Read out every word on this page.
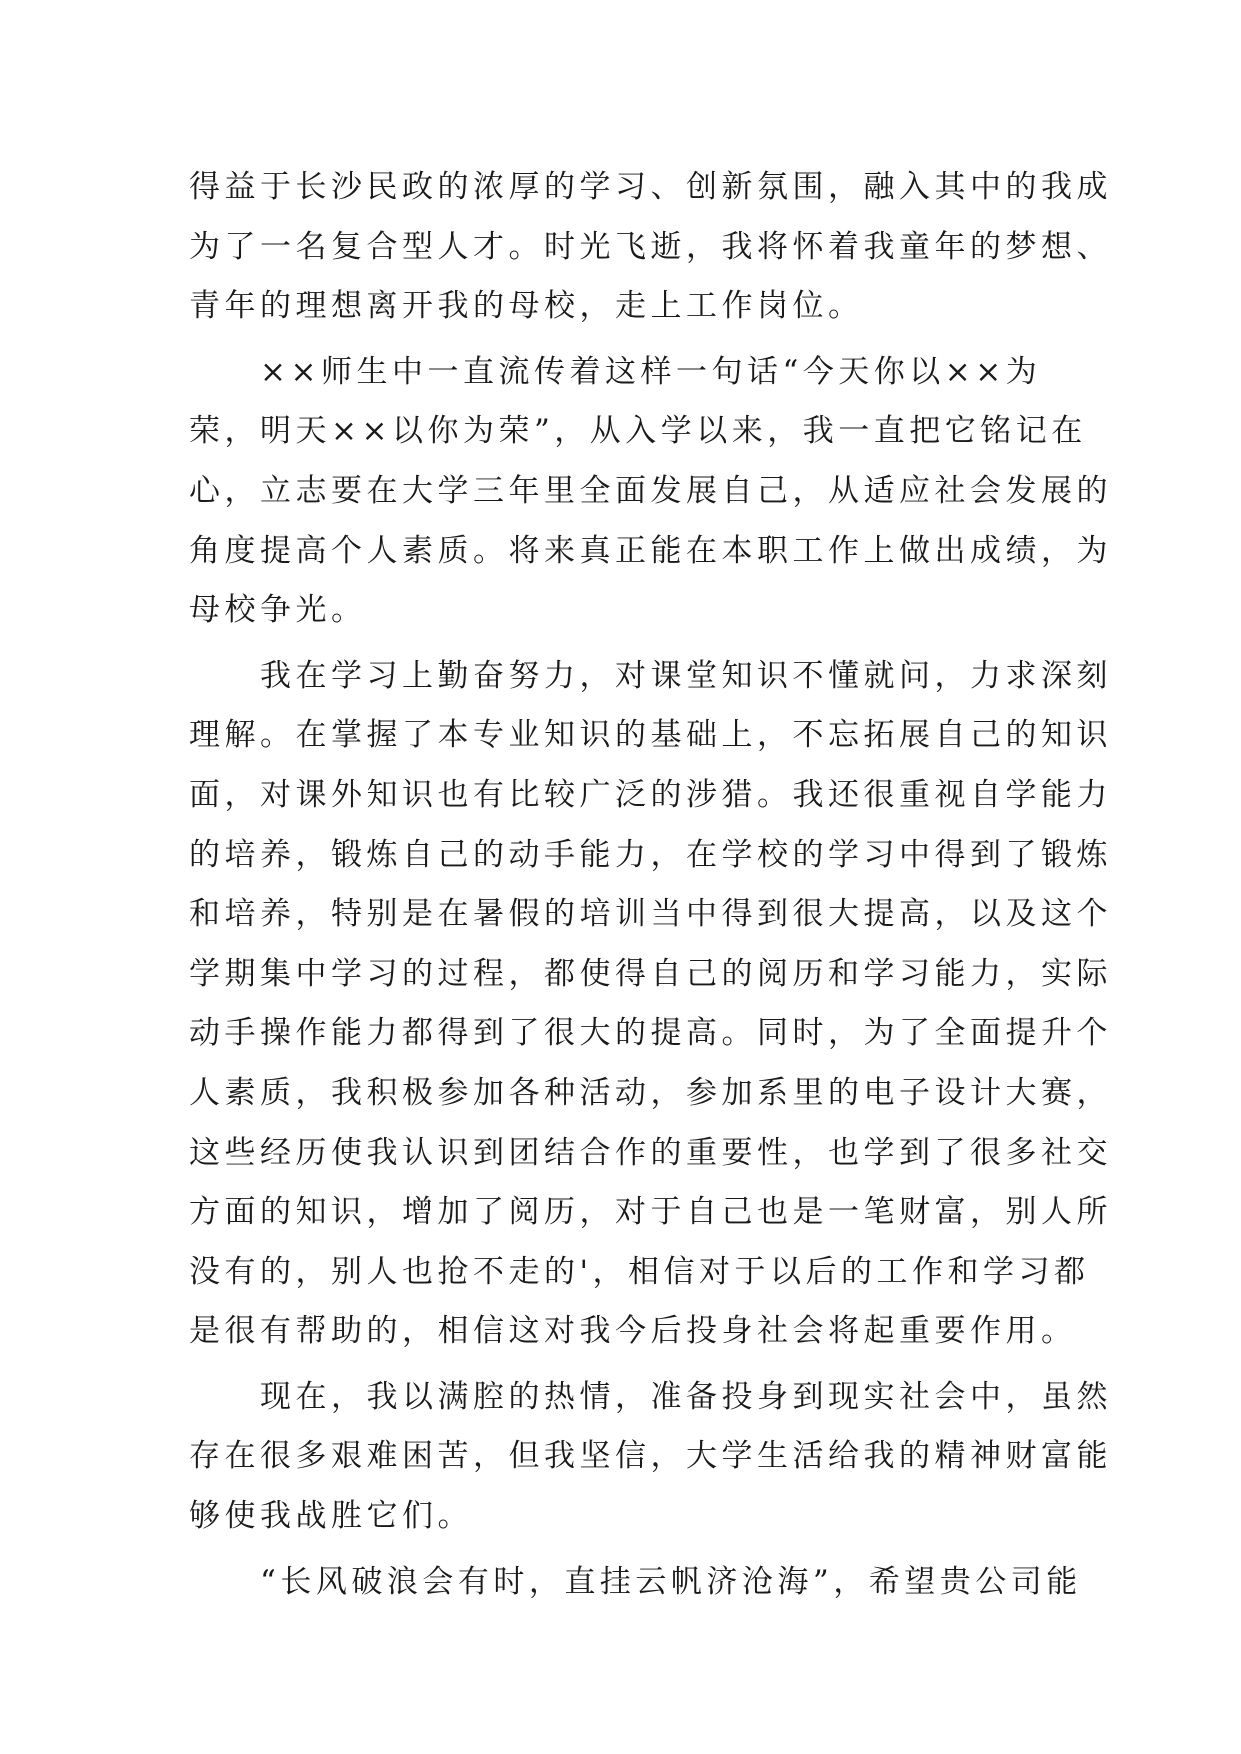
得益于长沙民政的浓厚的学习、创新氛围，融入其中的我成
为了一名复合型人才。时光飞逝，我将怀着我童年的梦想、
青年的理想离开我的母校，走上工作岗位。
　　××师生中一直流传着这样一句话“今天你以××为
荣，明天××以你为荣”，从入学以来，我一直把它铭记在
心，立志要在大学三年里全面发展自己，从适应社会发展的
角度提高个人素质。将来真正能在本职工作上做出成绩，为
母校争光。
　　我在学习上勤奋努力，对课堂知识不懂就问，力求深刻
理解。在掌握了本专业知识的基础上，不忘拓展自己的知识
面，对课外知识也有比较广泛的涉猎。我还很重视自学能力
的培养，锻炼自己的动手能力，在学校的学习中得到了锻炼
和培养，特别是在暑假的培训当中得到很大提高，以及这个
学期集中学习的过程，都使得自己的阅历和学习能力，实际
动手操作能力都得到了很大的提高。同时，为了全面提升个
人素质，我积极参加各种活动，参加系里的电子设计大赛，
这些经历使我认识到团结合作的重要性，也学到了很多社交
方面的知识，增加了阅历，对于自己也是一笔财富，别人所
没有的，别人也抢不走的'，相信对于以后的工作和学习都
是很有帮助的，相信这对我今后投身社会将起重要作用。
　　现在，我以满腔的热情，准备投身到现实社会中，虽然
存在很多艰难困苦，但我坚信，大学生活给我的精神财富能
够使我战胜它们。
　　“长风破浪会有时，直挂云帆济沧海”，希望贵公司能
